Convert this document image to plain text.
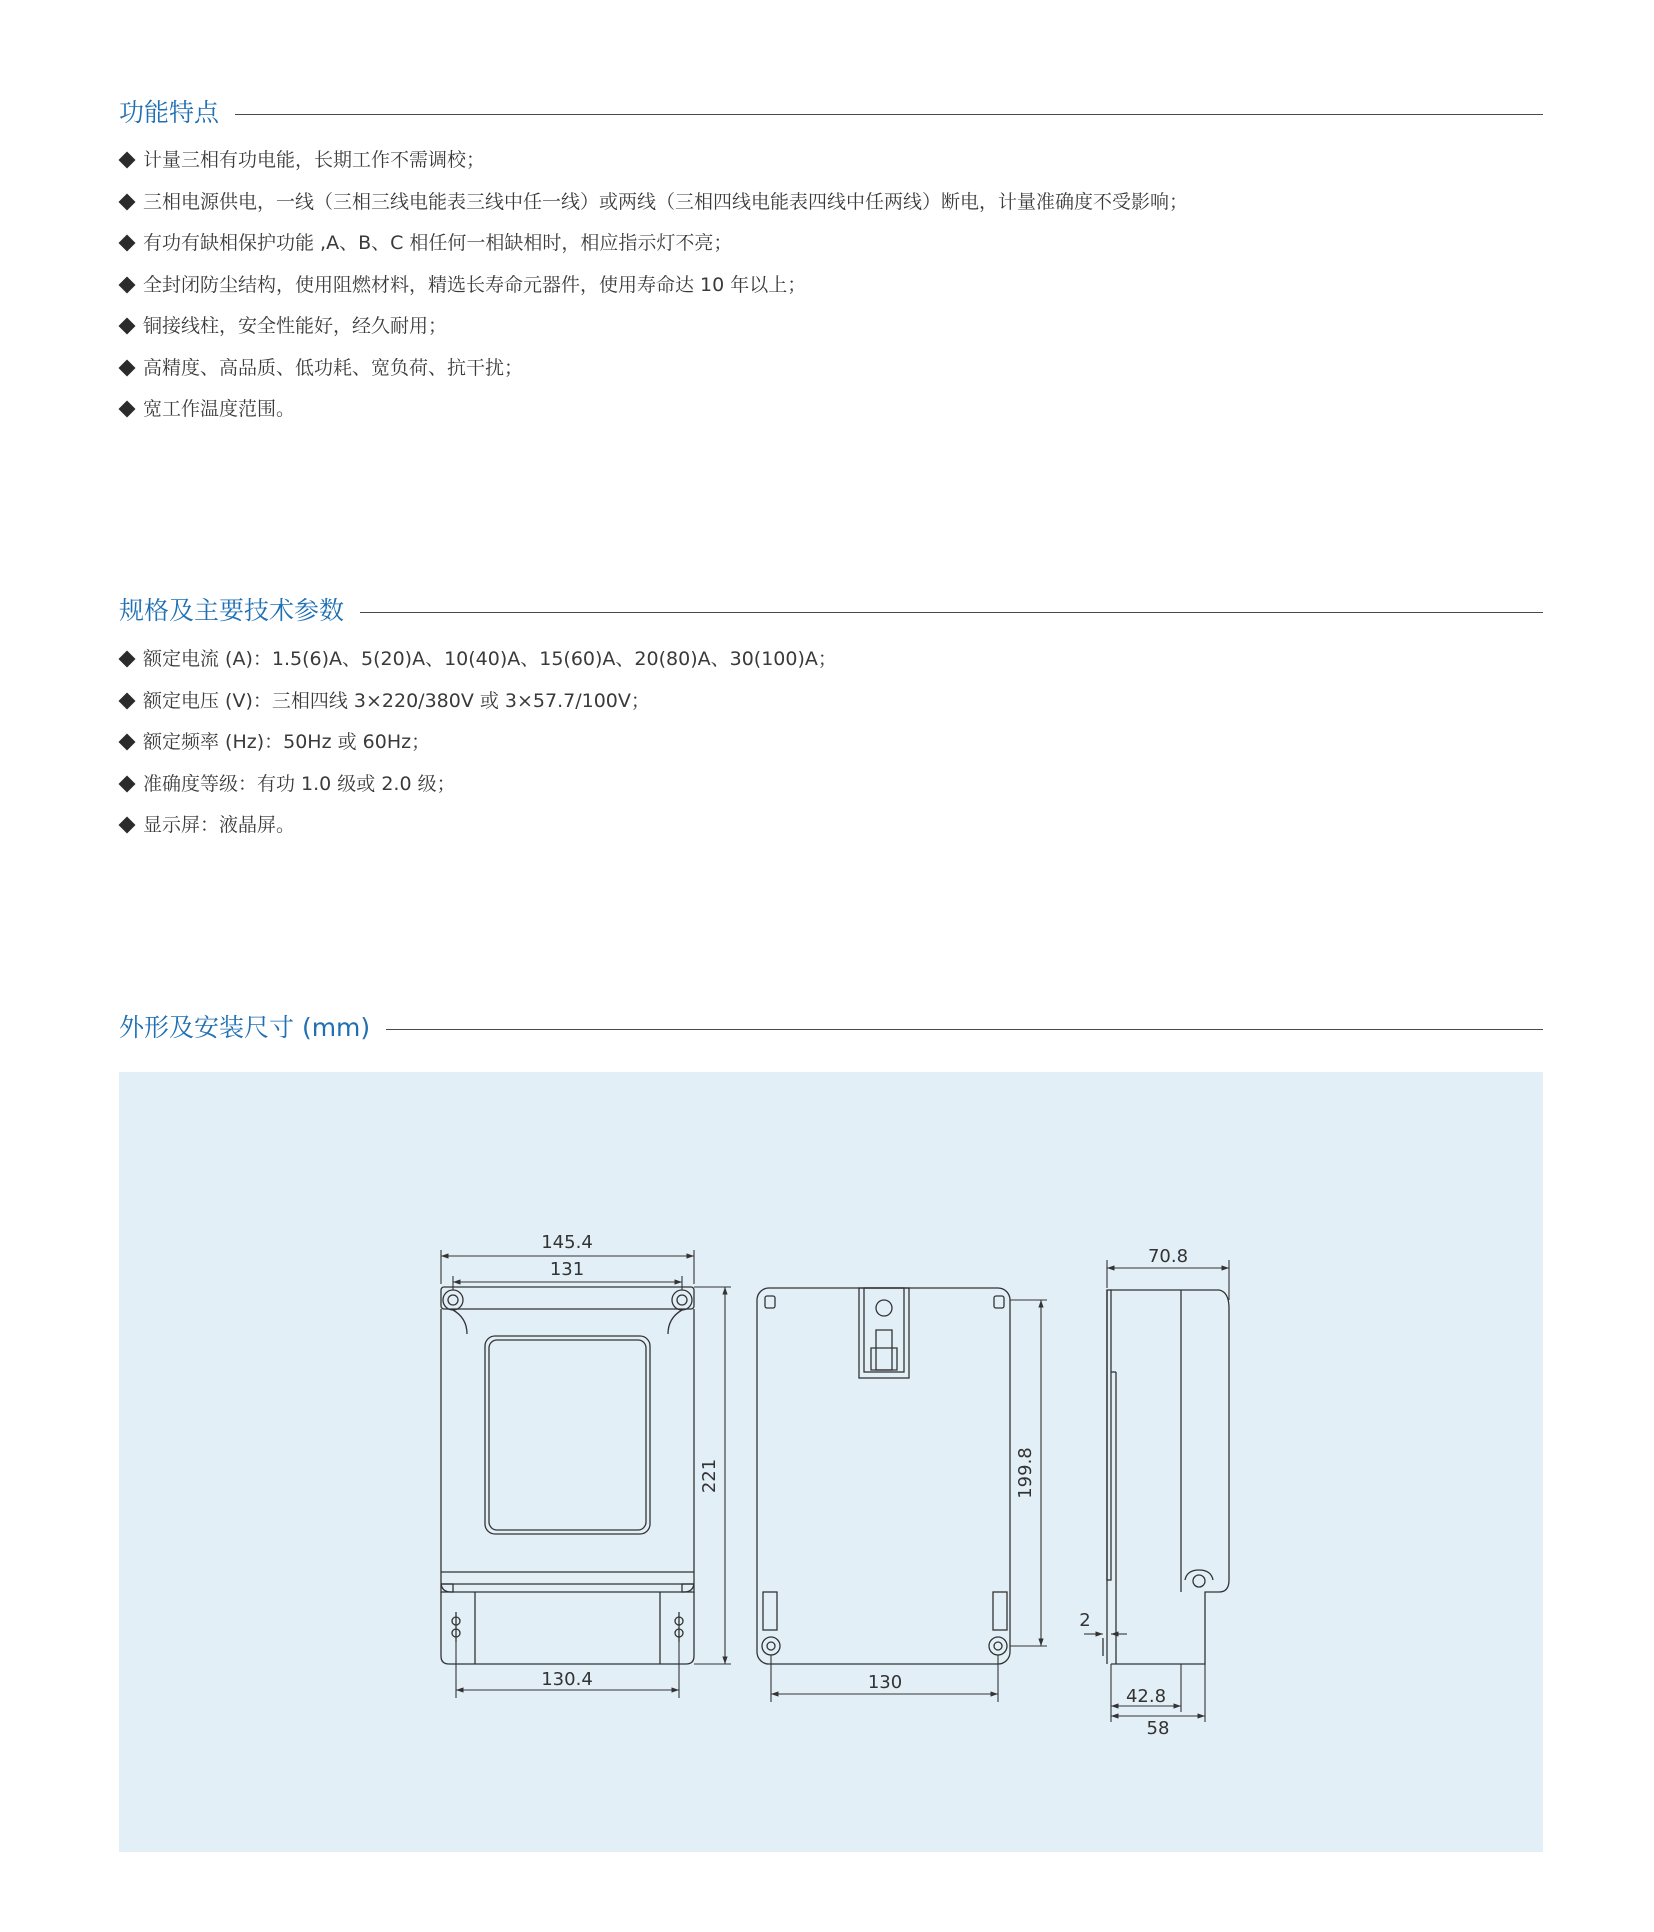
功能特点
计量三相有功电能，长期工作不需调校；
三相电源供电，一线（三相三线电能表三线中任一线）或两线（三相四线电能表四线中任两线）断电，计量准确度不受影响；
有功有缺相保护功能 ,A、B、C 相任何一相缺相时，相应指示灯不亮；
全封闭防尘结构，使用阻燃材料，精选长寿命元器件，使用寿命达 10 年以上；
铜接线柱，安全性能好，经久耐用；
高精度、高品质、低功耗、宽负荷、抗干扰；
宽工作温度范围。
规格及主要技术参数
额定电流 (A)：1.5(6)A、5(20)A、10(40)A、15(60)A、20(80)A、30(100)A；
额定电压 (V)：三相四线 3×220/380V 或 3×57.7/100V；
额定频率 (Hz)：50Hz 或 60Hz；
准确度等级：有功 1.0 级或 2.0 级；
显示屏：液晶屏。
外形及安装尺寸 (mm)
145.4
131
221
130.4
199.8
130
70.8
2
42.8
58
